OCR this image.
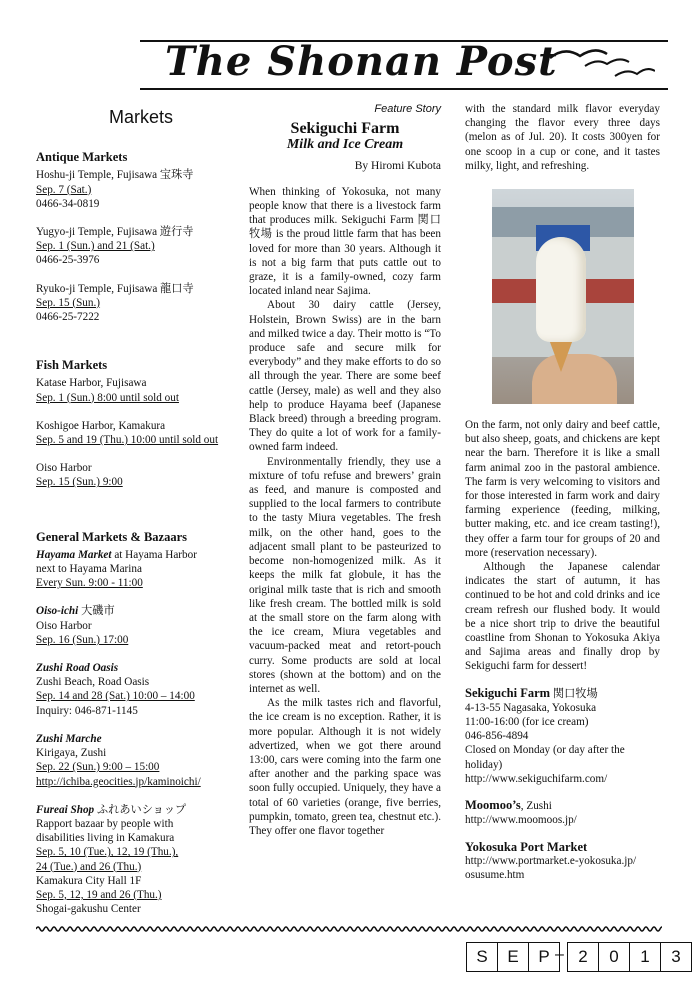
The Shonan Post
Markets
Antique Markets
Hoshu-ji Temple, Fujisawa 宝珠寺
Sep. 7 (Sat.)
0466-34-0819
Yugyo-ji Temple, Fujisawa 遊行寺
Sep. 1 (Sun.) and 21 (Sat.)
0466-25-3976
Ryuko-ji Temple, Fujisawa 龍口寺
Sep. 15 (Sun.)
0466-25-7222
Fish Markets
Katase Harbor, Fujisawa
Sep. 1 (Sun.) 8:00 until sold out
Koshigoe Harbor, Kamakura
Sep. 5 and 19 (Thu.) 10:00 until sold out
Oiso Harbor
Sep. 15 (Sun.) 9:00
General Markets & Bazaars
Hayama Market at Hayama Harbor
next to Hayama Marina
Every Sun. 9:00 - 11:00
Oiso-ichi 大磯市
Oiso Harbor
Sep. 16 (Sun.) 17:00
Zushi Road Oasis
Zushi Beach, Road Oasis
Sep. 14 and 28 (Sat.) 10:00 – 14:00
Inquiry: 046-871-1145
Zushi Marche
Kirigaya, Zushi
Sep. 22 (Sun.) 9:00 – 15:00
http://ichiba.geocities.jp/kaminoichi/
Fureai Shop ふれあいショップ
Rapport bazaar by people with
disabilities living in Kamakura
Sep. 5, 10 (Tue.), 12, 19 (Thu.),
24 (Tue.) and 26 (Thu.)
Kamakura City Hall 1F
Sep. 5, 12, 19 and 26 (Thu.)
Shogai-gakushu Center
Feature Story
Sekiguchi Farm
Milk and Ice Cream
By Hiromi Kubota

When thinking of Yokosuka, not many people know that there is a livestock farm that produces milk. Sekiguchi Farm 関口牧場 is the proud little farm that has been loved for more than 30 years. Although it is not a big farm that puts cattle out to graze, it is a family-owned, cozy farm located inland near Sajima.

About 30 dairy cattle (Jersey, Holstein, Brown Swiss) are in the barn and milked twice a day. Their motto is “To produce safe and secure milk for everybody” and they make efforts to do so all through the year. There are some beef cattle (Jersey, male) as well and they also help to produce Hayama beef (Japanese Black breed) through a breeding program. They do quite a lot of work for a family-owned farm indeed.

Environmentally friendly, they use a mixture of tofu refuse and brewers’ grain as feed, and manure is composted and supplied to the local farmers to contribute to the tasty Miura vegetables. The fresh milk, on the other hand, goes to the adjacent small plant to be pasteurized to become non-homogenized milk. As it keeps the milk fat globule, it has the original milk taste that is rich and smooth like fresh cream. The bottled milk is sold at the small store on the farm along with the ice cream, Miura vegetables and vacuum-packed meat and retort-pouch curry. Some products are sold at local stores (shown at the bottom) and on the internet as well.

As the milk tastes rich and flavorful, the ice cream is no exception. Rather, it is more popular. Although it is not widely advertized, when we got there around 13:00, cars were coming into the farm one after another and the parking space was soon fully occupied. Uniquely, they have a total of 60 varieties (orange, five berries, pumpkin, tomato, green tea, chestnut etc.). They offer one flavor together

with the standard milk flavor everyday changing the flavor every three days (melon as of Jul. 20). It costs 300yen for one scoop in a cup or cone, and it tastes milky, light, and refreshing.

On the farm, not only dairy and beef cattle, but also sheep, goats, and chickens are kept near the barn. Therefore it is like a small farm animal zoo in the pastoral ambience. The farm is very welcoming to visitors and for those interested in farm work and dairy farming experience (feeding, milking, butter making, etc. and ice cream tasting!), they offer a farm tour for groups of 20 and more (reservation necessary).

Although the Japanese calendar indicates the start of autumn, it has continued to be hot and cold drinks and ice cream refresh our flushed body. It would be a nice short trip to drive the beautiful coastline from Shonan to Yokosuka Akiya and Sajima areas and finally drop by Sekiguchi farm for dessert!

Sekiguchi Farm 関口牧場
4-13-55 Nagasaka, Yokosuka
11:00-16:00 (for ice cream)
046-856-4894
Closed on Monday (or day after the holiday)
http://www.sekiguchifarm.com/
Moomoo’s, Zushi
http://www.moomoos.jp/
Yokosuka Port Market
http://www.portmarket.e-yokosuka.jp/
osusume.htm
S	E	P – 2	0	1	3
